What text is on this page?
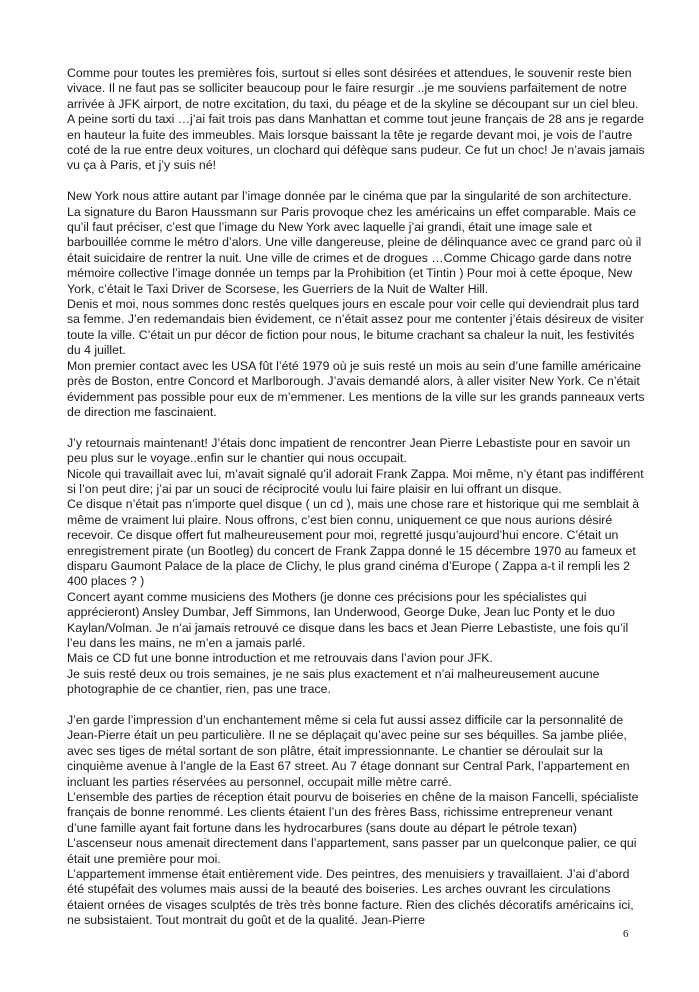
Comme pour toutes les premières fois, surtout si elles sont désirées et attendues, le souvenir reste bien vivace. Il ne faut pas se solliciter beaucoup pour le faire resurgir ..je me souviens parfaitement de notre arrivée à JFK airport, de notre excitation, du taxi, du péage et de la skyline se découpant sur un ciel bleu.

A peine sorti du taxi …j’ai fait trois pas dans Manhattan et comme tout jeune français de 28 ans je regarde en hauteur la fuite des immeubles. Mais lorsque baissant la tête je regarde devant moi, je vois de l’autre coté de la rue entre deux voitures, un clochard qui défèque sans pudeur. Ce fut un choc! Je n’avais jamais vu ça à Paris, et j’y suis né!

New York nous attire autant par l’image donnée par le cinéma que par la singularité de son architecture. La signature du Baron Haussmann sur Paris provoque chez les américains un effet comparable. Mais ce qu’il faut préciser, c’est que l’image du New York avec laquelle j’ai grandi, était une image sale et barbouillée comme le métro d’alors. Une ville dangereuse, pleine de délinquance avec ce grand parc où il était suicidaire de rentrer la nuit. Une ville de crimes et de drogues …Comme Chicago garde dans notre mémoire collective l’image donnée un temps par la Prohibition (et Tintin ) Pour moi à cette époque, New York, c’était le Taxi Driver de Scorsese, les Guerriers de la Nuit de Walter Hill.

Denis et moi, nous sommes donc restés quelques jours en escale pour voir celle qui deviendrait plus tard sa femme. J’en redemandais bien évidement, ce n’était assez pour me contenter j’étais désireux de visiter toute la ville. C’était un pur décor de fiction pour nous, le bitume crachant sa chaleur la nuit, les festivités du 4 juillet.

Mon premier contact avec les USA fût l’été 1979 où je suis resté un mois au sein d’une famille américaine près de Boston, entre Concord et Marlborough. J’avais demandé alors, à aller visiter New York. Ce n’était évidemment pas possible pour eux de m’emmener. Les mentions de la ville sur les grands panneaux verts de direction me fascinaient.

J’y retournais maintenant! J’étais donc impatient de rencontrer Jean Pierre Lebastiste pour en savoir un peu plus sur le voyage..enfin sur le chantier qui nous occupait.

Nicole qui travaillait avec lui, m’avait signalé qu’il adorait Frank Zappa. Moi même, n’y étant pas indifférent si l’on peut dire; j’ai par un souci de réciprocité voulu lui faire plaisir en lui offrant un disque.

Ce disque n’était pas n’importe quel disque ( un cd ), mais une chose rare et historique qui me semblait à même de vraiment lui plaire. Nous offrons, c’est bien connu, uniquement ce que nous aurions désiré recevoir. Ce disque offert fut malheureusement pour moi, regretté jusqu’aujourd’hui encore. C’était un enregistrement pirate (un Bootleg) du concert de Frank Zappa donné le 15 décembre 1970 au fameux et disparu Gaumont Palace de la place de Clichy, le plus grand cinéma d’Europe ( Zappa a-t il rempli les 2 400 places ? )

Concert ayant comme musiciens des Mothers (je donne ces précisions pour les spécialistes qui apprécieront) Ansley Dumbar, Jeff Simmons, Ian Underwood, George Duke, Jean luc Ponty et le duo Kaylan/Volman. Je n’ai jamais retrouvé ce disque dans les bacs et Jean Pierre Lebastiste, une fois qu’il l’eu dans les mains, ne m’en a jamais parlé.

Mais ce CD fut une bonne introduction et me retrouvais dans l’avion pour JFK.

Je suis resté deux ou trois semaines, je ne sais plus exactement et n’ai malheureusement aucune photographie de ce chantier, rien, pas une trace.

J’en garde l’impression d’un enchantement même si cela fut aussi assez difficile car la personnalité de Jean-Pierre était un peu particulière. Il ne se déplaçait qu’avec peine sur ses béquilles. Sa jambe pliée, avec ses tiges de métal sortant de son plâtre, était impressionnante. Le chantier se déroulait sur la cinquième avenue à l’angle de la East 67 street. Au 7 étage donnant sur Central Park, l’appartement en incluant les parties réservées au personnel, occupait mille mètre carré.

L’ensemble des parties de réception était pourvu de boiseries en chêne de la maison Fancelli, spécialiste français de bonne renommé. Les clients étaient l’un des frères Bass, richissime entrepreneur venant d’une famille ayant fait fortune dans les hydrocarbures (sans doute au départ le pétrole texan) L’ascenseur nous amenait directement dans l’appartement, sans passer par un quelconque palier, ce qui était une première pour moi.

L’appartement immense était entièrement vide. Des peintres, des menuisiers y travaillaient. J’ai d’abord été stupéfait des volumes mais aussi de la beauté des boiseries. Les arches ouvrant les circulations étaient ornées de visages sculptés de très très bonne facture. Rien des clichés décoratifs américains ici, ne subsistaient. Tout montrait du goût et de la qualité. Jean-Pierre

6
